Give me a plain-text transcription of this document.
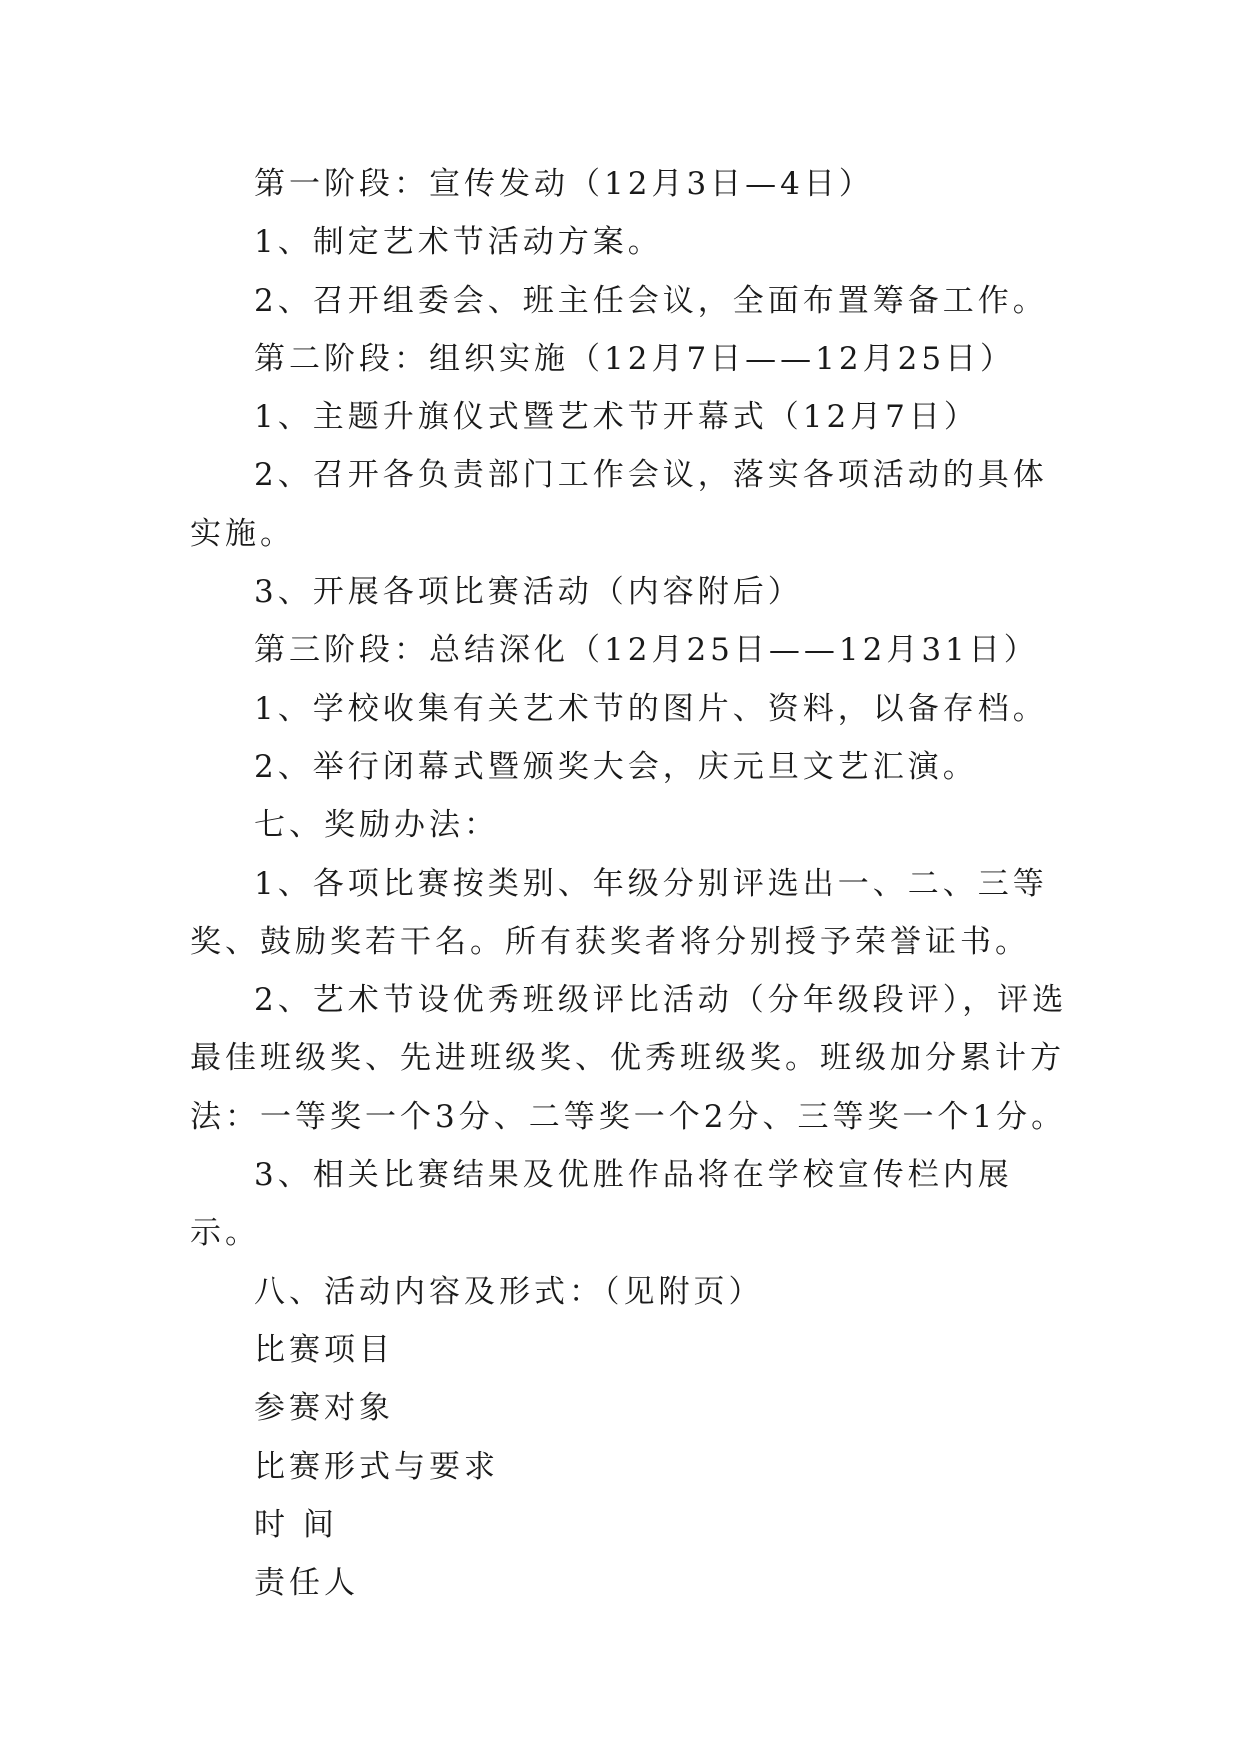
第一阶段：宣传发动（12月3日—4日）

1、制定艺术节活动方案。

2、召开组委会、班主任会议，全面布置筹备工作。

第二阶段：组织实施（12月7日——12月25日）

1、主题升旗仪式暨艺术节开幕式（12月7日）

2、召开各负责部门工作会议，落实各项活动的具体实施。

3、开展各项比赛活动（内容附后）

第三阶段：总结深化（12月25日——12月31日）

1、学校收集有关艺术节的图片、资料，以备存档。

2、举行闭幕式暨颁奖大会，庆元旦文艺汇演。

七、奖励办法：

1、各项比赛按类别、年级分别评选出一、二、三等奖、鼓励奖若干名。所有获奖者将分别授予荣誉证书。

2、艺术节设优秀班级评比活动（分年级段评），评选最佳班级奖、先进班级奖、优秀班级奖。班级加分累计方法：一等奖一个3分、二等奖一个2分、三等奖一个1分。

3、相关比赛结果及优胜作品将在学校宣传栏内展示。

八、活动内容及形式：（见附页）

比赛项目

参赛对象

比赛形式与要求

时 间

责任人
